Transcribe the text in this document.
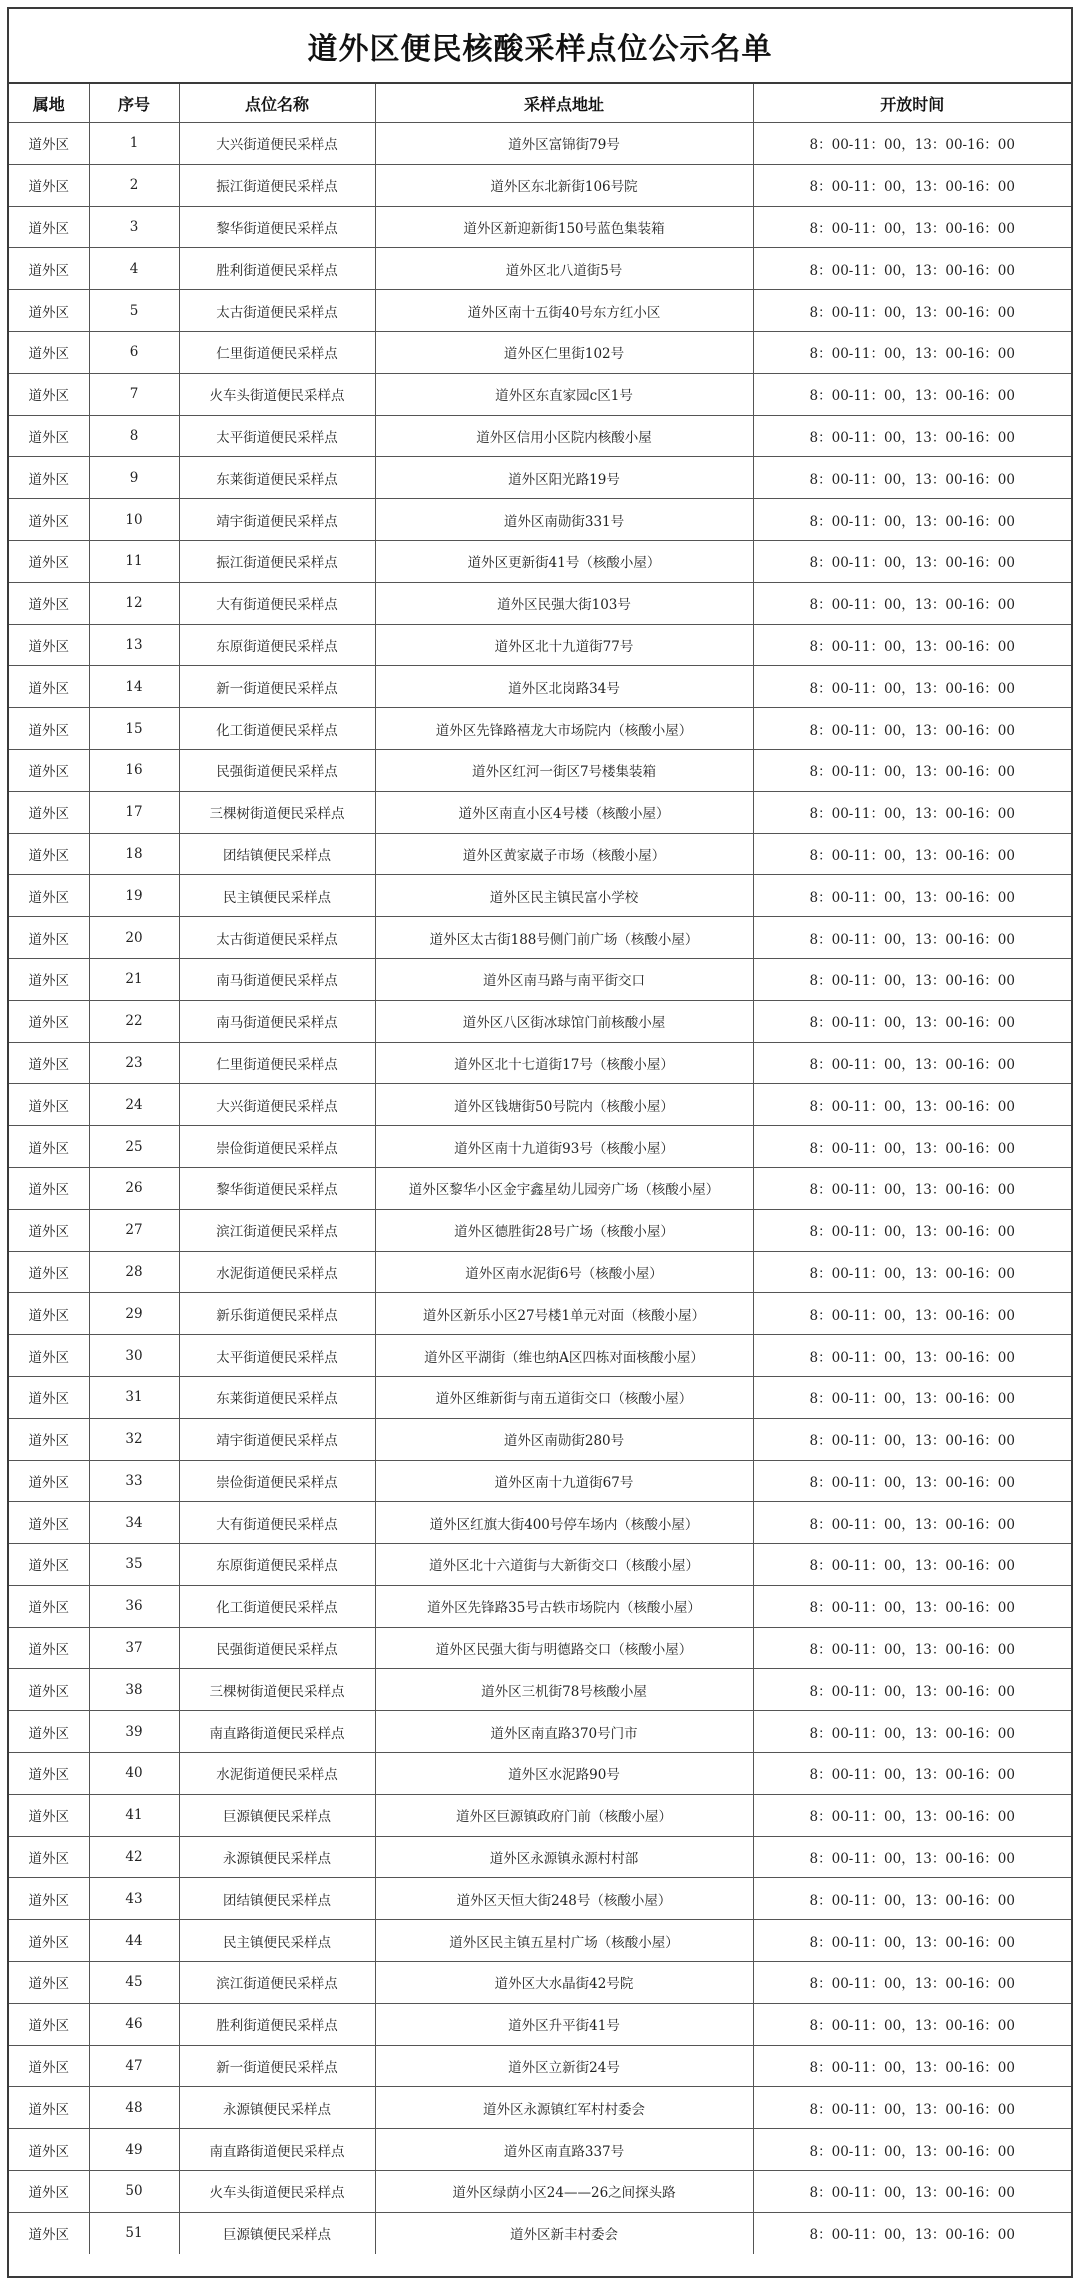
道外区便民核酸采样点位公示名单
属地	序号	点位名称	采样点地址	开放时间
道外区	1	大兴街道便民采样点	道外区富锦街79号	8：00-11：00，13：00-16：00
道外区	2	振江街道便民采样点	道外区东北新街106号院	8：00-11：00，13：00-16：00
道外区	3	黎华街道便民采样点	道外区新迎新街150号蓝色集装箱	8：00-11：00，13：00-16：00
道外区	4	胜利街道便民采样点	道外区北八道街5号	8：00-11：00，13：00-16：00
道外区	5	太古街道便民采样点	道外区南十五街40号东方红小区	8：00-11：00，13：00-16：00
道外区	6	仁里街道便民采样点	道外区仁里街102号	8：00-11：00，13：00-16：00
道外区	7	火车头街道便民采样点	道外区东直家园c区1号	8：00-11：00，13：00-16：00
道外区	8	太平街道便民采样点	道外区信用小区院内核酸小屋	8：00-11：00，13：00-16：00
道外区	9	东莱街道便民采样点	道外区阳光路19号	8：00-11：00，13：00-16：00
道外区	10	靖宇街道便民采样点	道外区南勋街331号	8：00-11：00，13：00-16：00
道外区	11	振江街道便民采样点	道外区更新街41号（核酸小屋）	8：00-11：00，13：00-16：00
道外区	12	大有街道便民采样点	道外区民强大街103号	8：00-11：00，13：00-16：00
道外区	13	东原街道便民采样点	道外区北十九道街77号	8：00-11：00，13：00-16：00
道外区	14	新一街道便民采样点	道外区北岗路34号	8：00-11：00，13：00-16：00
道外区	15	化工街道便民采样点	道外区先锋路禧龙大市场院内（核酸小屋）	8：00-11：00，13：00-16：00
道外区	16	民强街道便民采样点	道外区红河一街区7号楼集装箱	8：00-11：00，13：00-16：00
道外区	17	三棵树街道便民采样点	道外区南直小区4号楼（核酸小屋）	8：00-11：00，13：00-16：00
道外区	18	团结镇便民采样点	道外区黄家崴子市场（核酸小屋）	8：00-11：00，13：00-16：00
道外区	19	民主镇便民采样点	道外区民主镇民富小学校	8：00-11：00，13：00-16：00
道外区	20	太古街道便民采样点	道外区太古街188号侧门前广场（核酸小屋）	8：00-11：00，13：00-16：00
道外区	21	南马街道便民采样点	道外区南马路与南平街交口	8：00-11：00，13：00-16：00
道外区	22	南马街道便民采样点	道外区八区街冰球馆门前核酸小屋	8：00-11：00，13：00-16：00
道外区	23	仁里街道便民采样点	道外区北十七道街17号（核酸小屋）	8：00-11：00，13：00-16：00
道外区	24	大兴街道便民采样点	道外区钱塘街50号院内（核酸小屋）	8：00-11：00，13：00-16：00
道外区	25	崇俭街道便民采样点	道外区南十九道街93号（核酸小屋）	8：00-11：00，13：00-16：00
道外区	26	黎华街道便民采样点	道外区黎华小区金宇鑫星幼儿园旁广场（核酸小屋）	8：00-11：00，13：00-16：00
道外区	27	滨江街道便民采样点	道外区德胜街28号广场（核酸小屋）	8：00-11：00，13：00-16：00
道外区	28	水泥街道便民采样点	道外区南水泥街6号（核酸小屋）	8：00-11：00，13：00-16：00
道外区	29	新乐街道便民采样点	道外区新乐小区27号楼1单元对面（核酸小屋）	8：00-11：00，13：00-16：00
道外区	30	太平街道便民采样点	道外区平湖街（维也纳A区四栋对面核酸小屋）	8：00-11：00，13：00-16：00
道外区	31	东莱街道便民采样点	道外区维新街与南五道街交口（核酸小屋）	8：00-11：00，13：00-16：00
道外区	32	靖宇街道便民采样点	道外区南勋街280号	8：00-11：00，13：00-16：00
道外区	33	崇俭街道便民采样点	道外区南十九道街67号	8：00-11：00，13：00-16：00
道外区	34	大有街道便民采样点	道外区红旗大街400号停车场内（核酸小屋）	8：00-11：00，13：00-16：00
道外区	35	东原街道便民采样点	道外区北十六道街与大新街交口（核酸小屋）	8：00-11：00，13：00-16：00
道外区	36	化工街道便民采样点	道外区先锋路35号古轶市场院内（核酸小屋）	8：00-11：00，13：00-16：00
道外区	37	民强街道便民采样点	道外区民强大街与明德路交口（核酸小屋）	8：00-11：00，13：00-16：00
道外区	38	三棵树街道便民采样点	道外区三机街78号核酸小屋	8：00-11：00，13：00-16：00
道外区	39	南直路街道便民采样点	道外区南直路370号门市	8：00-11：00，13：00-16：00
道外区	40	水泥街道便民采样点	道外区水泥路90号	8：00-11：00，13：00-16：00
道外区	41	巨源镇便民采样点	道外区巨源镇政府门前（核酸小屋）	8：00-11：00，13：00-16：00
道外区	42	永源镇便民采样点	道外区永源镇永源村村部	8：00-11：00，13：00-16：00
道外区	43	团结镇便民采样点	道外区天恒大街248号（核酸小屋）	8：00-11：00，13：00-16：00
道外区	44	民主镇便民采样点	道外区民主镇五星村广场（核酸小屋）	8：00-11：00，13：00-16：00
道外区	45	滨江街道便民采样点	道外区大水晶街42号院	8：00-11：00，13：00-16：00
道外区	46	胜利街道便民采样点	道外区升平街41号	8：00-11：00，13：00-16：00
道外区	47	新一街道便民采样点	道外区立新街24号	8：00-11：00，13：00-16：00
道外区	48	永源镇便民采样点	道外区永源镇红军村村委会	8：00-11：00，13：00-16：00
道外区	49	南直路街道便民采样点	道外区南直路337号	8：00-11：00，13：00-16：00
道外区	50	火车头街道便民采样点	道外区绿荫小区24——26之间探头路	8：00-11：00，13：00-16：00
道外区	51	巨源镇便民采样点	道外区新丰村委会	8：00-11：00，13：00-16：00
